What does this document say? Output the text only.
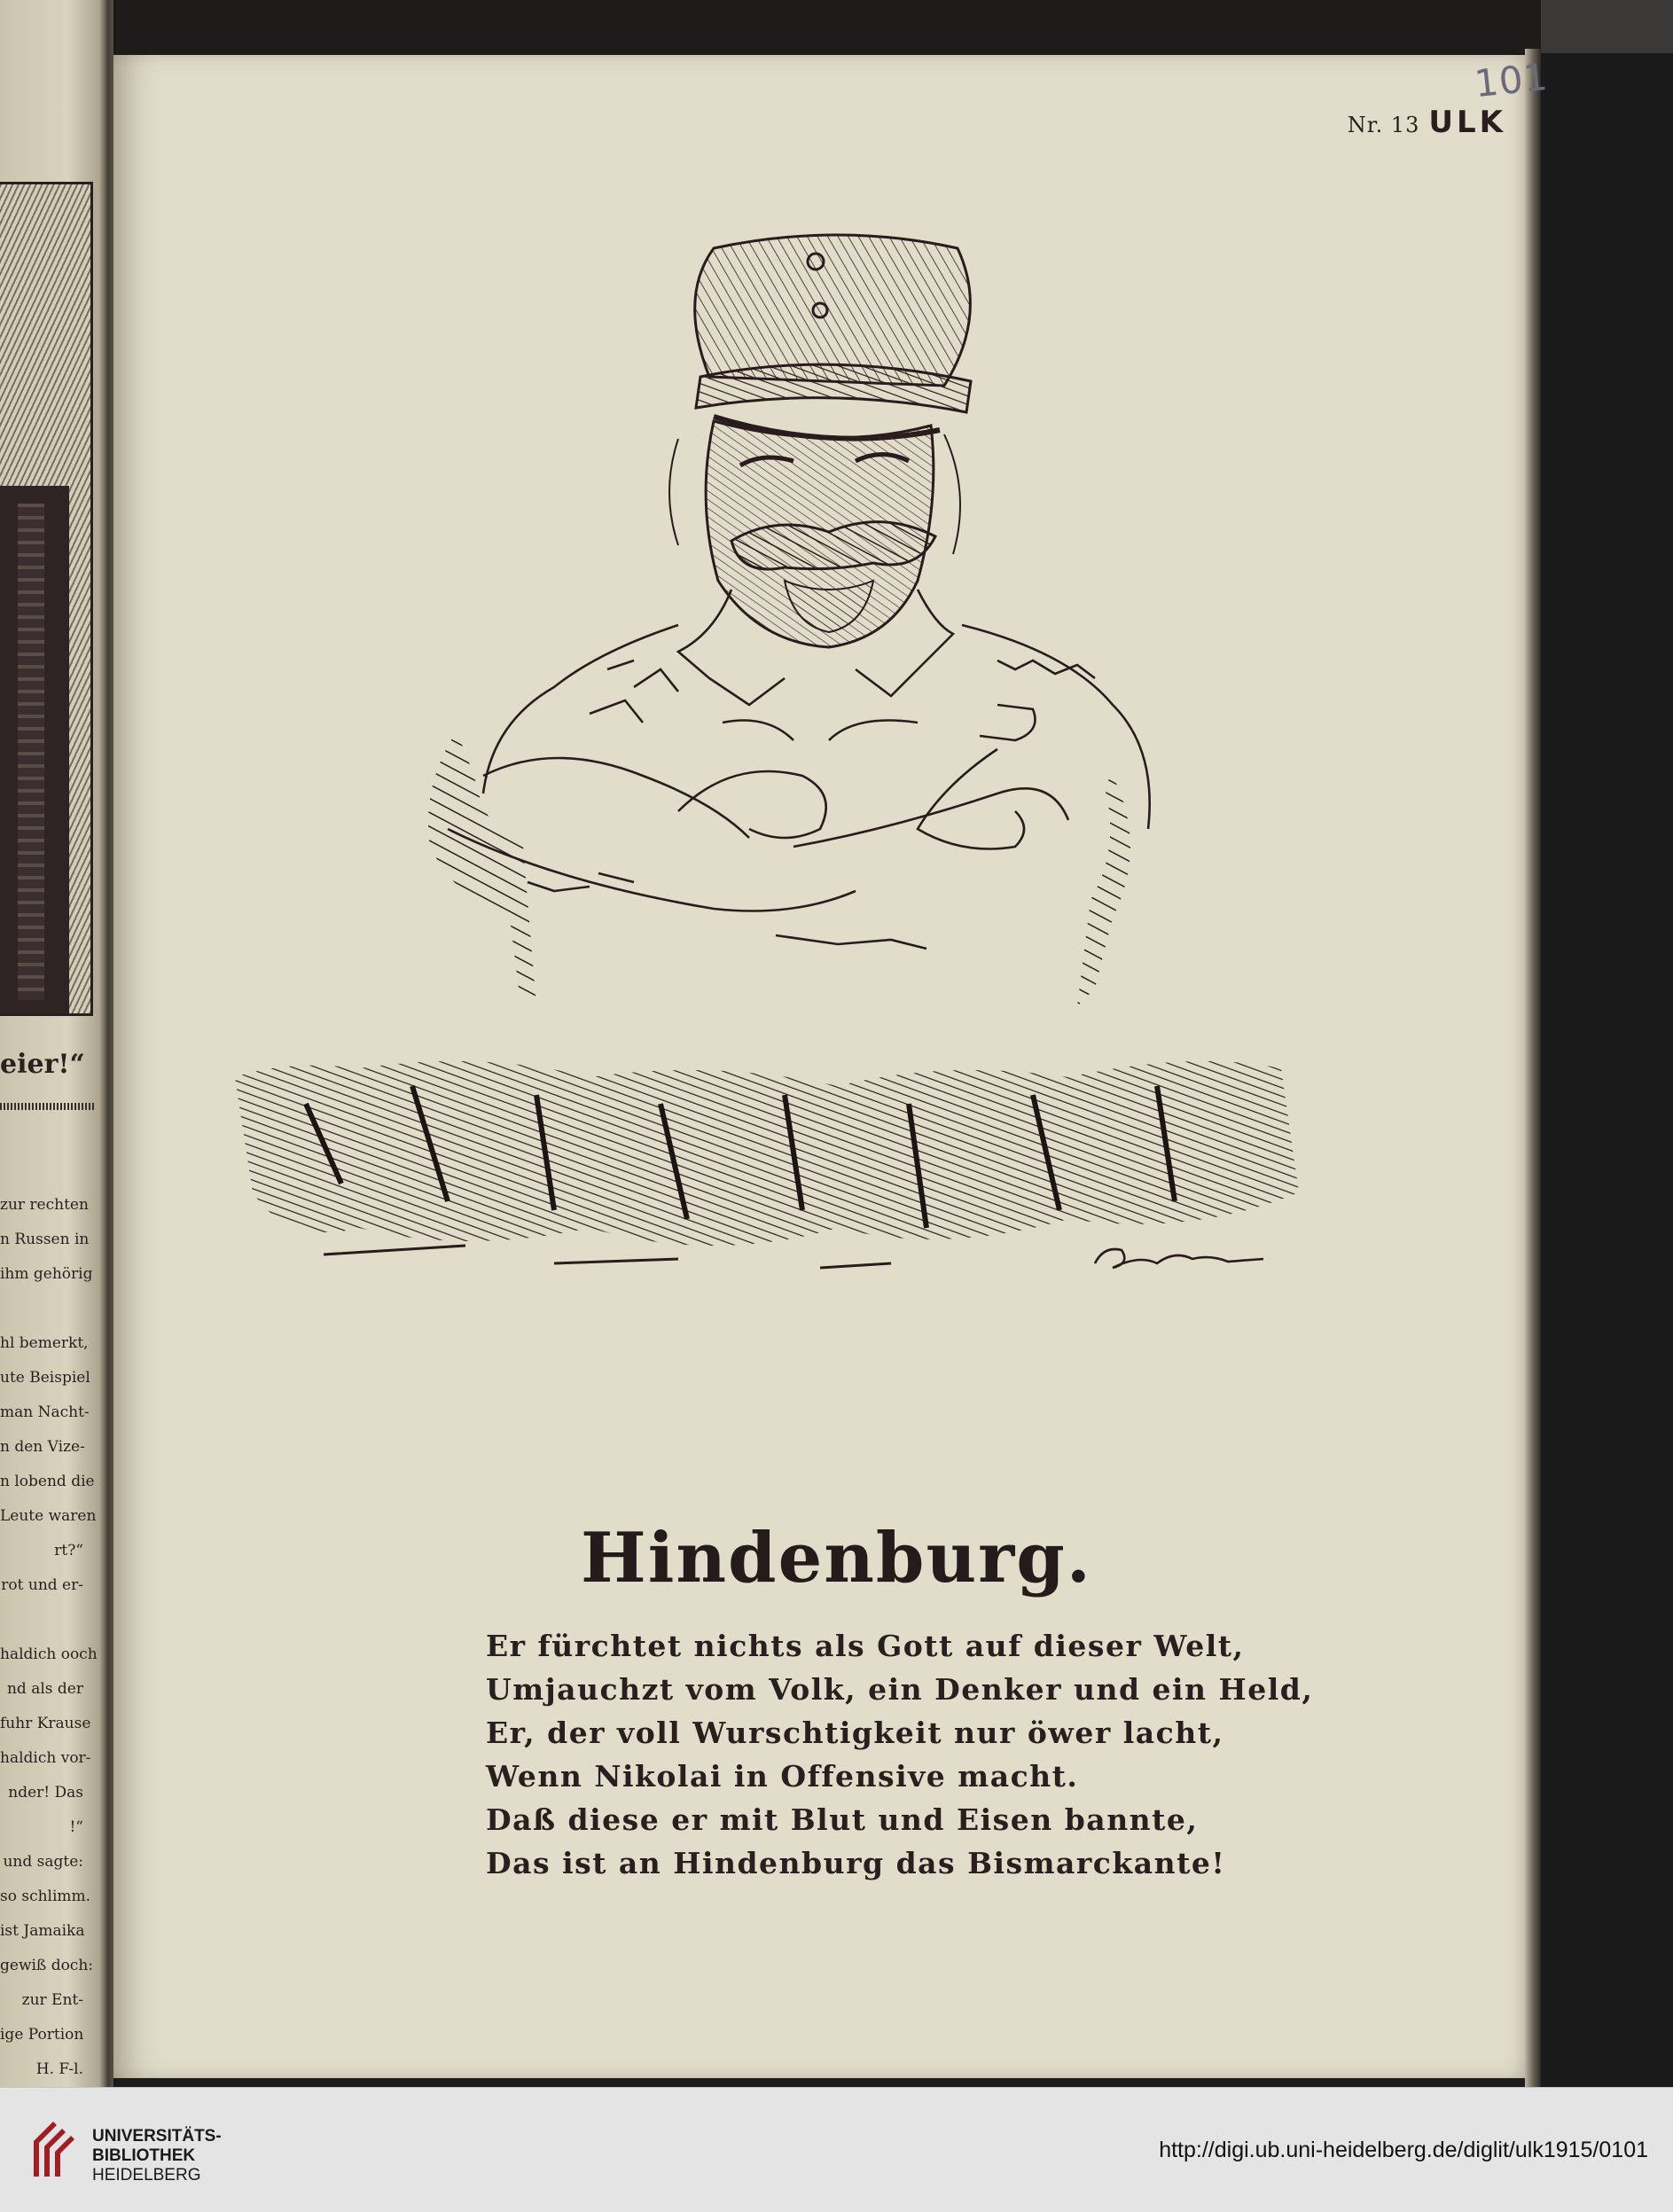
eier!“
zur rechten
n Russen in
ihm gehörig
hl bemerkt,
ute Beispiel
man Nacht-
n den Vize-
n lobend die
Leute waren
rt?“
rot und er-
haldich ooch
nd als der
fuhr Krause
haldich vor-
nder! Das
!“
und sagte:
so schlimm.
ist Jamaika
gewiß doch:
zur Ent-
ige Portion
H. F-l.
101
Nr. 13 ULK
Hindenburg.
Er fürchtet nichts als Gott auf dieser Welt,
Umjauchzt vom Volk, ein Denker und ein Held,
Er, der voll Wurschtigkeit nur öwer lacht,
Wenn Nikolai in Offensive macht.
Daß diese er mit Blut und Eisen bannte,
Das ist an Hindenburg das Bismarckante!
UNIVERSITÄTS-
BIBLIOTHEK
HEIDELBERG
http://digi.ub.uni-heidelberg.de/diglit/ulk1915/0101
